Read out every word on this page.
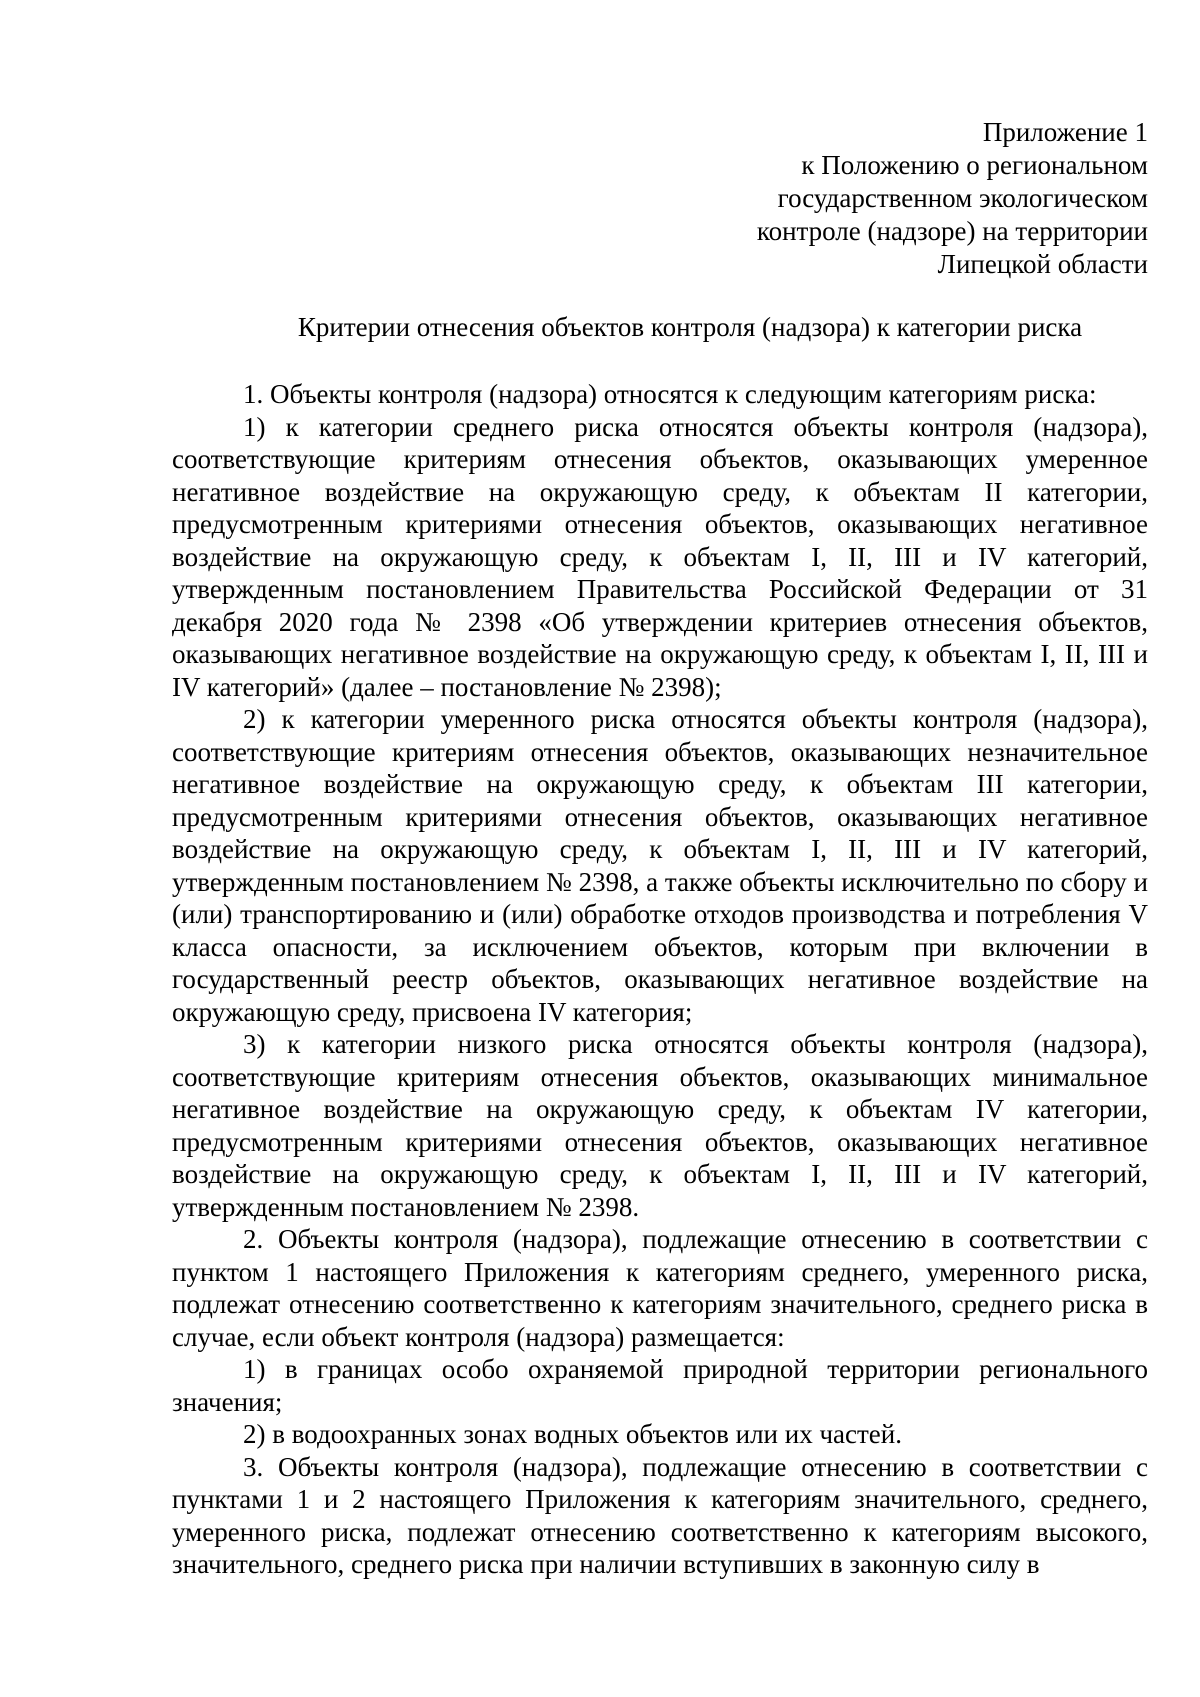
Приложение 1
к Положению о региональном
государственном экологическом
контроле (надзоре) на территории
Липецкой области
Критерии отнесения объектов контроля (надзора) к категории риска

1. Объекты контроля (надзора) относятся к следующим категориям риска:

1) к категории среднего риска относятся объекты контроля (надзора), соответствующие критериям отнесения объектов, оказывающих умеренное негативное воздействие на окружающую среду, к объектам II категории, предусмотренным критериями отнесения объектов, оказывающих негативное воздействие на окружающую среду, к объектам I, II, III и IV категорий, утвержденным постановлением Правительства Российской Федерации от 31 декабря 2020 года № 2398 «Об утверждении критериев отнесения объектов, оказывающих негативное воздействие на окружающую среду, к объектам I, II, III и IV категорий» (далее – постановление № 2398);

2) к категории умеренного риска относятся объекты контроля (надзора), соответствующие критериям отнесения объектов, оказывающих незначительное негативное воздействие на окружающую среду, к объектам III категории, предусмотренным критериями отнесения объектов, оказывающих негативное воздействие на окружающую среду, к объектам I, II, III и IV категорий, утвержденным постановлением № 2398, а также объекты исключительно по сбору и (или) транспортированию и (или) обработке отходов производства и потребления V класса опасности, за исключением объектов, которым при включении в государственный реестр объектов, оказывающих негативное воздействие на окружающую среду, присвоена IV категория;

3) к категории низкого риска относятся объекты контроля (надзора), соответствующие критериям отнесения объектов, оказывающих минимальное негативное воздействие на окружающую среду, к объектам IV категории, предусмотренным критериями отнесения объектов, оказывающих негативное воздействие на окружающую среду, к объектам I, II, III и IV категорий, утвержденным постановлением № 2398.

2. Объекты контроля (надзора), подлежащие отнесению в соответствии с пунктом 1 настоящего Приложения к категориям среднего, умеренного риска, подлежат отнесению соответственно к категориям значительного, среднего риска в случае, если объект контроля (надзора) размещается:

1) в границах особо охраняемой природной территории регионального значения;

2) в водоохранных зонах водных объектов или их частей.

3. Объекты контроля (надзора), подлежащие отнесению в соответствии с пунктами 1 и 2 настоящего Приложения к категориям значительного, среднего, умеренного риска, подлежат отнесению соответственно к категориям высокого, значительного, среднего риска при наличии вступивших в законную силу в
